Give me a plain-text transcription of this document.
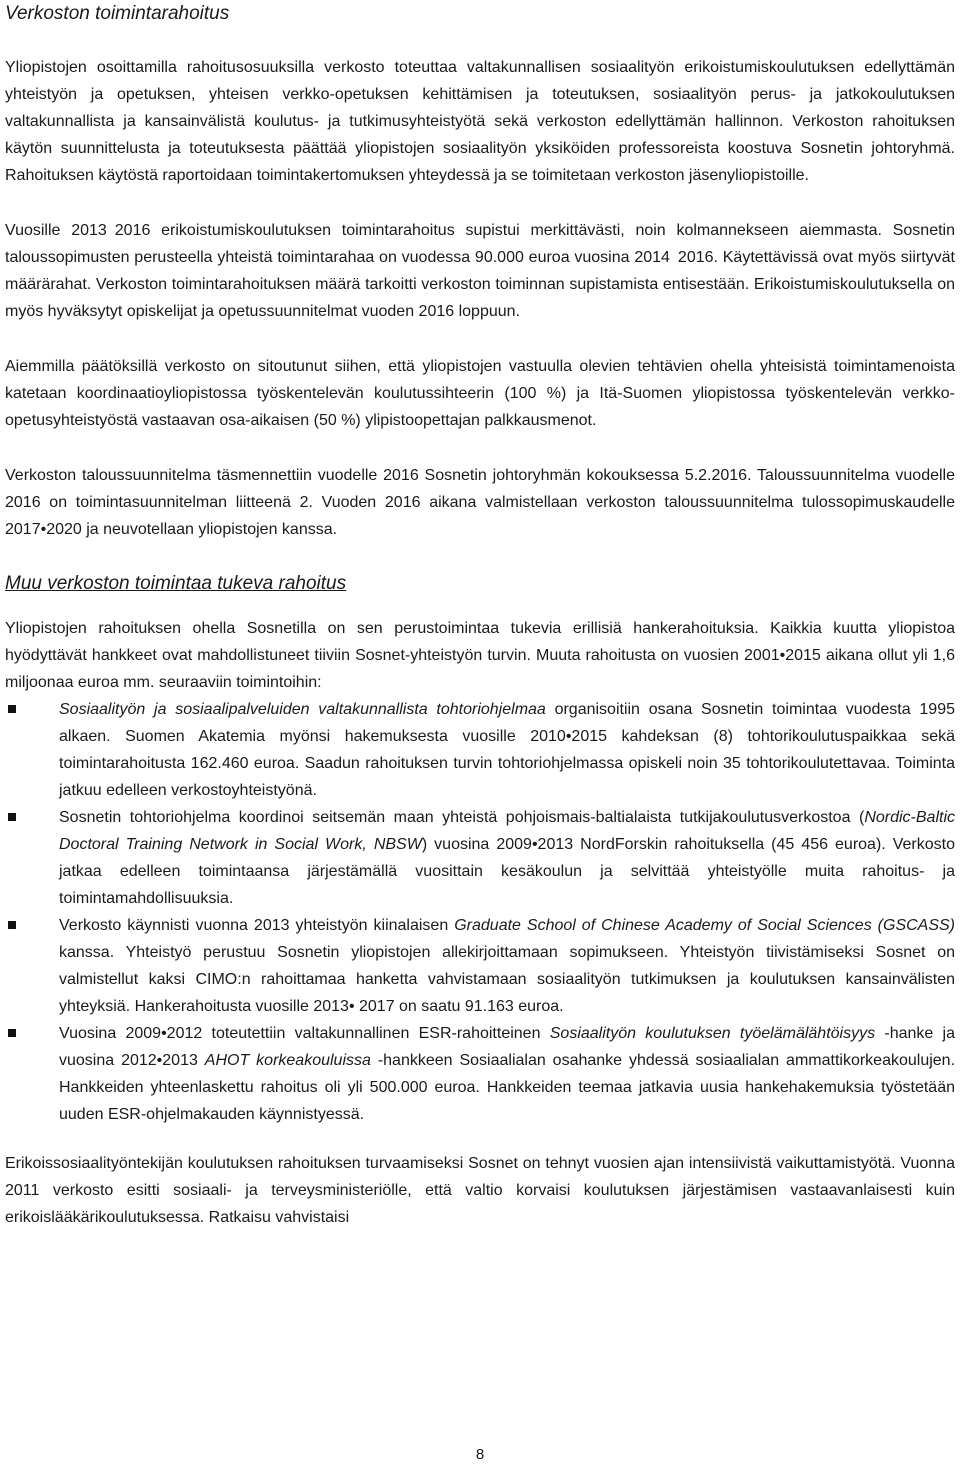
Verkoston toimintarahoitus

Yliopistojen osoittamilla rahoitusosuuksilla verkosto toteuttaa valtakunnallisen sosiaalityön erikoistumiskoulutuksen edellyttämän yhteistyön ja opetuksen, yhteisen verkko-opetuksen kehittämisen ja toteutuksen, sosiaalityön perus- ja jatkokoulutuksen valtakunnallista ja kansainvälistä koulutus- ja tutkimusyhteistyötä sekä verkoston edellyttämän hallinnon. Verkoston rahoituksen käytön suunnittelusta ja toteutuksesta päättää yliopistojen sosiaalityön yksiköiden professoreista koostuva Sosnetin johtoryhmä. Rahoituksen käytöstä raportoidaan toimintakertomuksen yhteydessä ja se toimitetaan verkoston jäsenyliopistoille.

Vuosille 2013 2016 erikoistumiskoulutuksen toimintarahoitus supistui merkittävästi, noin kolmannekseen aiemmasta. Sosnetin taloussopimusten perusteella yhteistä toimintarahaa on vuodessa 90.000 euroa vuosina 2014 2016. Käytettävissä ovat myös siirtyvät määrärahat. Verkoston toimintarahoituksen määrä tarkoitti verkoston toiminnan supistamista entisestään. Erikoistumiskoulutuksella on myös hyväksytyt opiskelijat ja opetussuunnitelmat vuoden 2016 loppuun.

Aiemmilla päätöksillä verkosto on sitoutunut siihen, että yliopistojen vastuulla olevien tehtävien ohella yhteisistä toimintamenoista katetaan koordinaatioyliopistossa työskentelevän koulutussihteerin (100 %) ja Itä-Suomen yliopistossa työskentelevän verkko-opetusyhteistyöstä vastaavan osa-aikaisen (50 %) ylipistoopettajan palkkausmenot.

Verkoston taloussuunnitelma täsmennettiin vuodelle 2016 Sosnetin johtoryhmän kokouksessa 5.2.2016. Taloussuunnitelma vuodelle 2016 on toimintasuunnitelman liitteenä 2. Vuoden 2016 aikana valmistellaan verkoston taloussuunnitelma tulossopimuskaudelle 2017•2020 ja neuvotellaan yliopistojen kanssa.

Muu verkoston toimintaa tukeva rahoitus

Yliopistojen rahoituksen ohella Sosnetilla on sen perustoimintaa tukevia erillisiä hankerahoituksia. Kaikkia kuutta yliopistoa hyödyttävät hankkeet ovat mahdollistuneet tiiviin Sosnet-yhteistyön turvin. Muuta rahoitusta on vuosien 2001•2015 aikana ollut yli 1,6 miljoonaa euroa mm. seuraaviin toimintoihin:

Sosiaalityön ja sosiaalipalveluiden valtakunnallista tohtoriohjelmaa organisoitiin osana Sosnetin toimintaa vuodesta 1995 alkaen. Suomen Akatemia myönsi hakemuksesta vuosille 2010•2015 kahdeksan (8) tohtorikoulutuspaikkaa sekä toimintarahoitusta 162.460 euroa. Saadun rahoituksen turvin tohtoriohjelmassa opiskeli noin 35 tohtorikoulutettavaa. Toiminta jatkuu edelleen verkostoyhteistyönä.
Sosnetin tohtoriohjelma koordinoi seitsemän maan yhteistä pohjoismais-baltialaista tutkijakoulutusverkostoa (Nordic-Baltic Doctoral Training Network in Social Work, NBSW) vuosina 2009•2013 NordForskin rahoituksella (45 456 euroa). Verkosto jatkaa edelleen toimintaansa järjestämällä vuosittain kesäkoulun ja selvittää yhteistyölle muita rahoitus- ja toimintamahdollisuuksia.
Verkosto käynnisti vuonna 2013 yhteistyön kiinalaisen Graduate School of Chinese Academy of Social Sciences (GSCASS) kanssa. Yhteistyö perustuu Sosnetin yliopistojen allekirjoittamaan sopimukseen. Yhteistyön tiivistämiseksi Sosnet on valmistellut kaksi CIMO:n rahoittamaa hanketta vahvistamaan sosiaalityön tutkimuksen ja koulutuksen kansainvälisten yhteyksiä. Hankerahoitusta vuosille 2013• 2017 on saatu 91.163 euroa.
Vuosina 2009•2012 toteutettiin valtakunnallinen ESR-rahoitteinen Sosiaalityön koulutuksen työelämälähtöisyys -hanke ja vuosina 2012•2013 AHOT korkeakouluissa -hankkeen Sosiaalialan osahanke yhdessä sosiaalialan ammattikorkeakoulujen. Hankkeiden yhteenlaskettu rahoitus oli yli 500.000 euroa. Hankkeiden teemaa jatkavia uusia hankehakemuksia työstetään uuden ESR-ohjelmakauden käynnistyessä.

Erikoissosiaalityöntekijän koulutuksen rahoituksen turvaamiseksi Sosnet on tehnyt vuosien ajan intensiivistä vaikuttamistyötä. Vuonna 2011 verkosto esitti sosiaali- ja terveysministeriölle, että valtio korvaisi koulutuksen järjestämisen vastaavanlaisesti kuin erikoislääkärikoulutuksessa. Ratkaisu vahvistaisi

8
